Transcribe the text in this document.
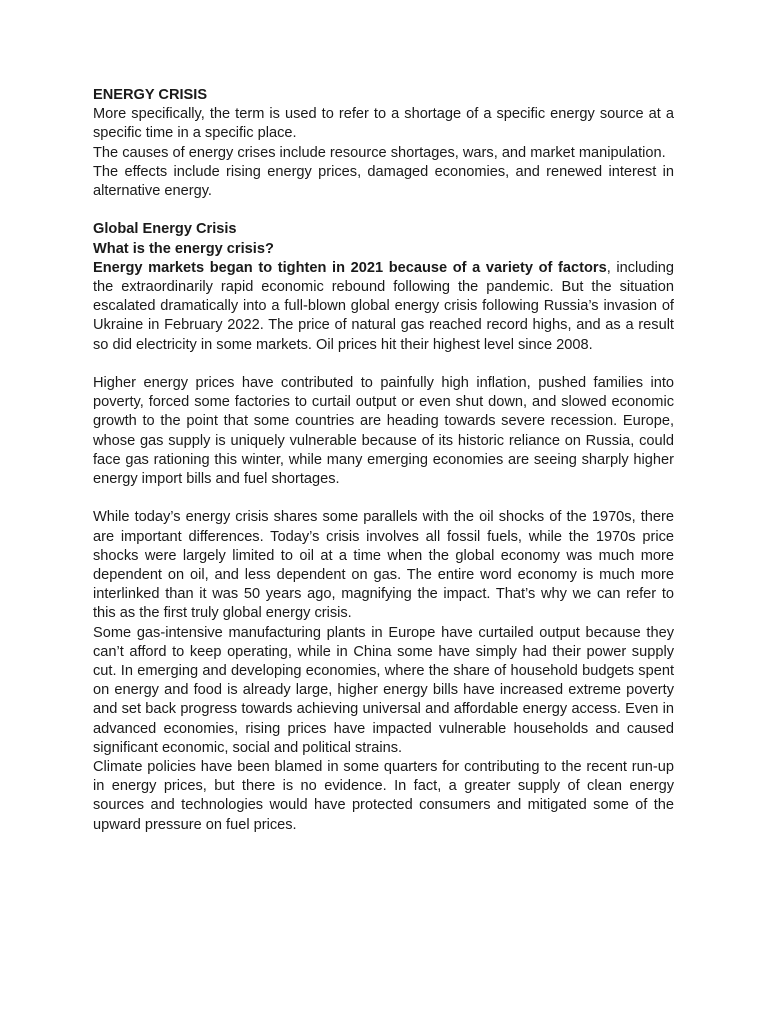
ENERGY CRISIS

More specifically, the term is used to refer to a shortage of a specific energy source at a specific time in a specific place.

The causes of energy crises include resource shortages, wars, and market manipulation.

The effects include rising energy prices, damaged economies, and renewed interest in alternative energy.

Global Energy Crisis

What is the energy crisis?

Energy markets began to tighten in 2021 because of a variety of factors, including the extraordinarily rapid economic rebound following the pandemic. But the situation escalated dramatically into a full-blown global energy crisis following Russia’s invasion of Ukraine in February 2022. The price of natural gas reached record highs, and as a result so did electricity in some markets. Oil prices hit their highest level since 2008.

Higher energy prices have contributed to painfully high inflation, pushed families into poverty, forced some factories to curtail output or even shut down, and slowed economic growth to the point that some countries are heading towards severe recession. Europe, whose gas supply is uniquely vulnerable because of its historic reliance on Russia, could face gas rationing this winter, while many emerging economies are seeing sharply higher energy import bills and fuel shortages.

While today’s energy crisis shares some parallels with the oil shocks of the 1970s, there are important differences. Today’s crisis involves all fossil fuels, while the 1970s price shocks were largely limited to oil at a time when the global economy was much more dependent on oil, and less dependent on gas. The entire word economy is much more interlinked than it was 50 years ago, magnifying the impact. That’s why we can refer to this as the first truly global energy crisis.

Some gas-intensive manufacturing plants in Europe have curtailed output because they can’t afford to keep operating, while in China some have simply had their power supply cut. In emerging and developing economies, where the share of household budgets spent on energy and food is already large, higher energy bills have increased extreme poverty and set back progress towards achieving universal and affordable energy access. Even in advanced economies, rising prices have impacted vulnerable households and caused significant economic, social and political strains.

Climate policies have been blamed in some quarters for contributing to the recent run-up in energy prices, but there is no evidence. In fact, a greater supply of clean energy sources and technologies would have protected consumers and mitigated some of the upward pressure on fuel prices.
